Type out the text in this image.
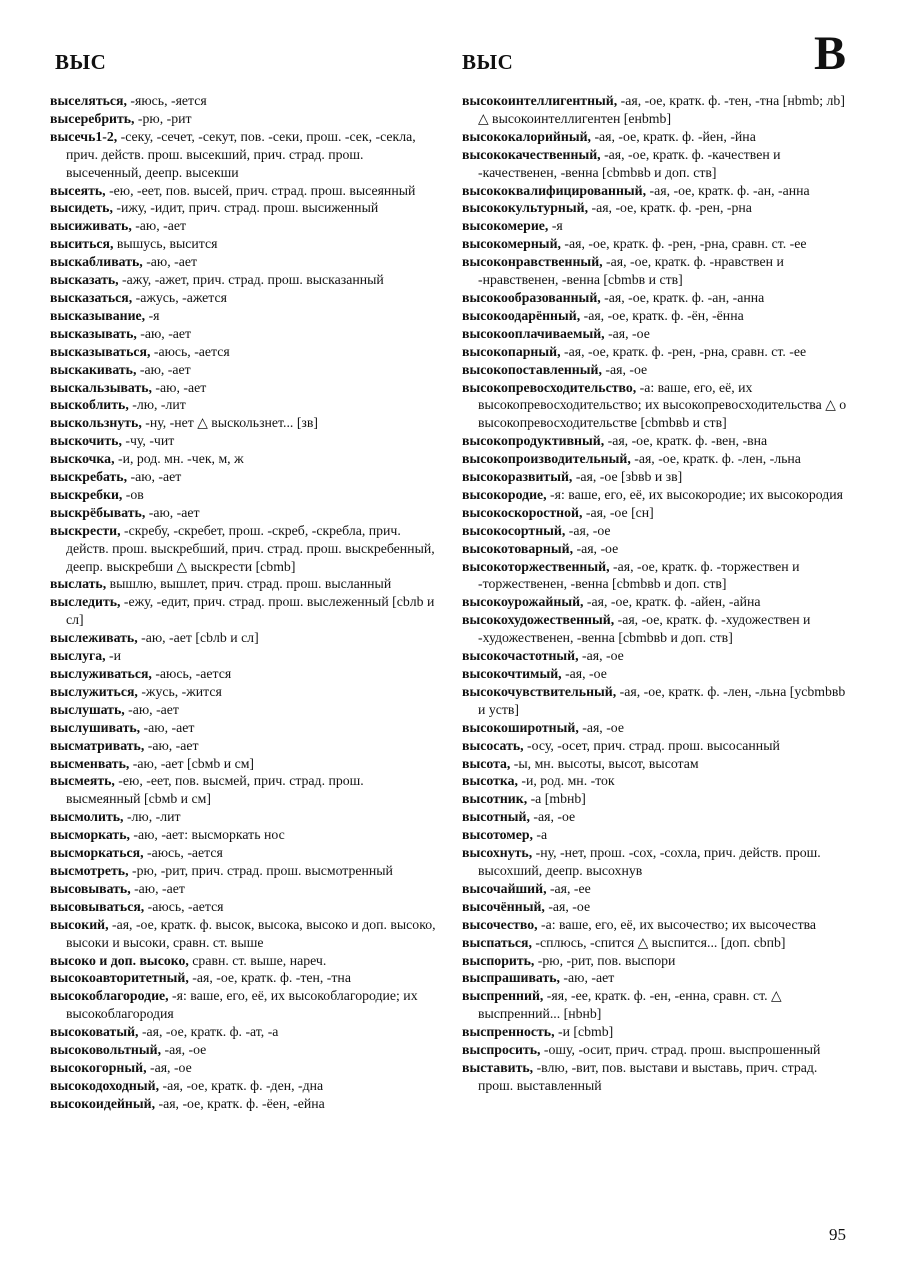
ВЫС	ВЫС	В

выселяться, -яюсь, -яется

высеребрить, -рю, -рит

высечь1-2, -секу, -сечет, -секут, пов. -секи, прош. -сек, -секла, прич. действ. прош. высекший, прич. страд. прош. высеченный, деепр. высекши

высеять, -ею, -еет, пов. высей, прич. страд. прош. высеянный

высидеть, -ижу, -идит, прич. страд. прош. высиженный

высиживать, -аю, -ает

выситься, вышусь, высится

выскабливать, -аю, -ает

высказать, -ажу, -ажет, прич. страд. прош. высказанный

высказаться, -ажусь, -ажется

высказывание, -я

высказывать, -аю, -ает

высказываться, -аюсь, -ается

выскакивать, -аю, -ает

выскальзывать, -аю, -ает

выскоблить, -лю, -лит

выскользнуть, -ну, -нет △ выскользнет... [зв]

выскочить, -чу, -чит

выскочка, -и, род. мн. -чек, м, ж

выскребать, -аю, -ает

выскребки, -ов

выскрёбывать, -аю, -ает

выскрести, -скребу, -скребет, прош. -скреб, -скребла, прич. действ. прош. выскребший, прич. страд. прош. выскребенный, деепр. выскребши △ выскрести [сbmb]

выслать, вышлю, вышлет, прич. страд. прош. высланный

выследить, -ежу, -едит, прич. страд. прош. выслеженный [сbлb и сл]

выслеживать, -аю, -ает [сbлb и сл]

выслуга, -и

выслуживаться, -аюсь, -ается

выслужиться, -жусь, -жится

выслушать, -аю, -ает

выслушивать, -аю, -ает

высматривать, -аю, -ает

высменвать, -аю, -ает [сbмb и см]

высмеять, -ею, -еет, пов. высмей, прич. страд. прош. высмеянный [сbмb и см]

высмолить, -лю, -лит

высморкать, -аю, -ает: высморкать нос

высморкаться, -аюсь, -ается

высмотреть, -рю, -рит, прич. страд. прош. высмотренный

высовывать, -аю, -ает

высовываться, -аюсь, -ается

высокий, -ая, -ое, кратк. ф. высок, высока, высоко и доп. высоко, высоки и высоки, сравн. ст. выше

высоко и доп. высоко, сравн. ст. выше, нареч.

высокоавторитетный, -ая, -ое, кратк. ф. -тен, -тна

высокоблагородие, -я: ваше, его, её, их высокоблагородие; их высокоблагородия

высоковатый, -ая, -ое, кратк. ф. -ат, -а

высоковольтный, -ая, -ое

высокогорный, -ая, -ое

высокодоходный, -ая, -ое, кратк. ф. -ден, -дна

высокоидейный, -ая, -ое, кратк. ф. -ёен, -ейна

высокоинтеллигентный, -ая, -ое, кратк. ф. -тен, -тна [нbmb; лb] △ высокоинтеллигентен [енbmb]

высококалорийный, -ая, -ое, кратк. ф. -йен, -йна

высококачественный, -ая, -ое, кратк. ф. -качествен и -качественен, -венна [сbmbвb и доп. ств]

высококвалифицированный, -ая, -ое, кратк. ф. -ан, -анна

высококультурный, -ая, -ое, кратк. ф. -рен, -рна

высокомерие, -я

высокомерный, -ая, -ое, кратк. ф. -рен, -рна, сравн. ст. -ее

высоконравственный, -ая, -ое, кратк. ф. -нравствен и -нравственен, -венна [сbmbв и ств]

высокообразованный, -ая, -ое, кратк. ф. -ан, -анна

высокоодарённый, -ая, -ое, кратк. ф. -ён, -ённа

высокооплачиваемый, -ая, -ое

высокопарный, -ая, -ое, кратк. ф. -рен, -рна, сравн. ст. -ее

высокопоставленный, -ая, -ое

высокопревосходительство, -а: ваше, его, её, их высокопревосходительство; их высокопревосходительства △ о высокопревосходительстве [сbmbвb и ств]

высокопродуктивный, -ая, -ое, кратк. ф. -вен, -вна

высокопроизводительный, -ая, -ое, кратк. ф. -лен, -льна

высокоразвитый, -ая, -ое [зbвb и зв]

высокородие, -я: ваше, его, её, их высокородие; их высокородия

высокоскоростной, -ая, -ое [сн]

высокосортный, -ая, -ое

высокотоварный, -ая, -ое

высокоторжественный, -ая, -ое, кратк. ф. -торжествен и -торжественен, -венна [сbmbвb и доп. ств]

высокоурожайный, -ая, -ое, кратк. ф. -айен, -айна

высокохудожественный, -ая, -ое, кратк. ф. -художествен и -художественен, -венна [сbmbвb и доп. ств]

высокочастотный, -ая, -ое

высокочтимый, -ая, -ое

высокочувствительный, -ая, -ое, кратк. ф. -лен, -льна [усbmbвb и уств]

высокоширотный, -ая, -ое

высосать, -осу, -осет, прич. страд. прош. высосанный

высота, -ы, мн. высоты, высот, высотам

высотка, -и, род. мн. -ток

высотник, -а [mbнb]

высотный, -ая, -ое

высотомер, -а

высохнуть, -ну, -нет, прош. -сох, -сохла, прич. действ. прош. высохший, деепр. высохнув

высочайший, -ая, -ее

высочённый, -ая, -ое

высочество, -а: ваше, его, её, их высочество; их высочества

выспаться, -сплюсь, -спится △ выспится... [доп. сbпb]

выспорить, -рю, -рит, пов. выспори

выспрашивать, -аю, -ает

выспренний, -яя, -ее, кратк. ф. -ен, -енна, сравн. ст. △ выспренний... [нbнb]

выспренность, -и [сbmb]

выспросить, -ошу, -осит, прич. страд. прош. выспрошенный

выставить, -влю, -вит, пов. выстави и выставь, прич. страд. прош. выставленный

95
